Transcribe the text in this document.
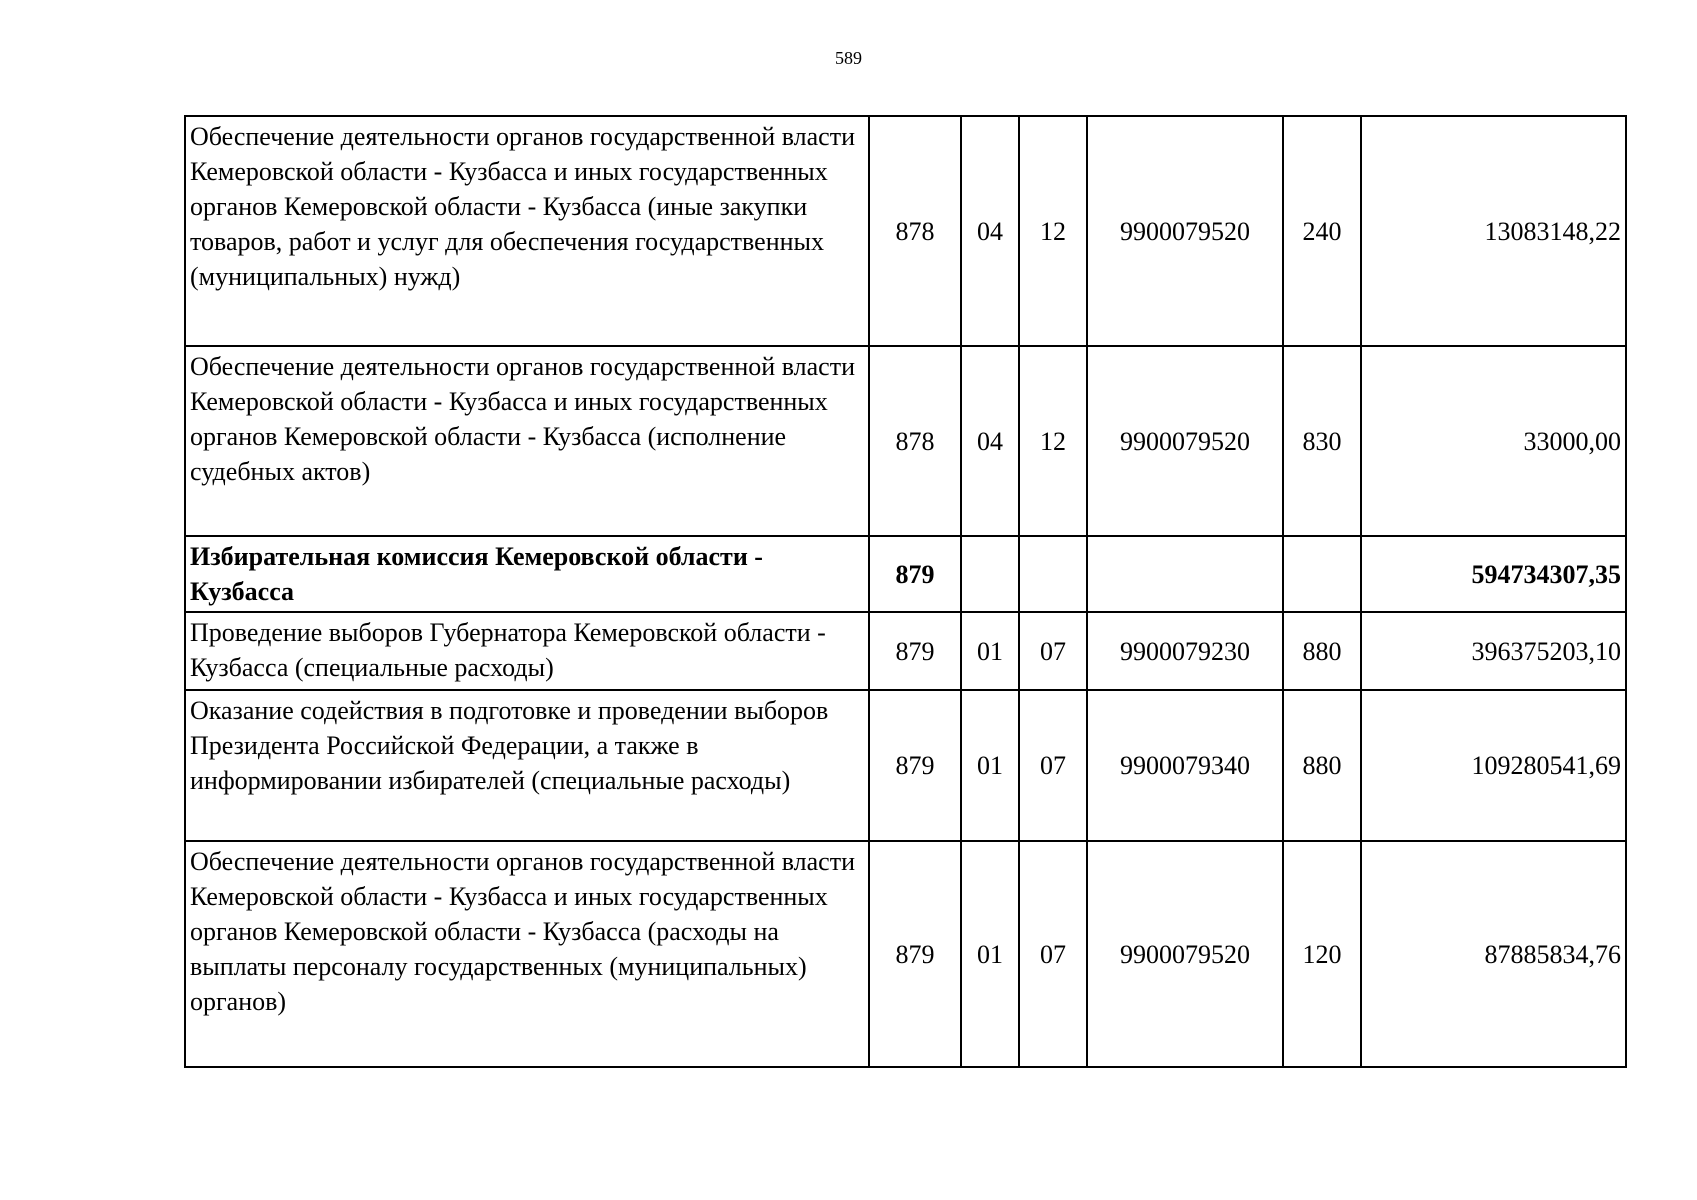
589
Обеспечение деятельности органов государственной власти Кемеровской области - Кузбасса и иных государственных органов Кемеровской области - Кузбасса (иные закупки товаров, работ и услуг для обеспечения государственных (муниципальных) нужд)	878	04	12	9900079520	240	13083148,22
Обеспечение деятельности органов государственной власти Кемеровской области - Кузбасса и иных государственных органов Кемеровской области - Кузбасса (исполнение судебных актов)	878	04	12	9900079520	830	33000,00
Избирательная комиссия Кемеровской области - Кузбасса	879					594734307,35
Проведение выборов Губернатора Кемеровской области - Кузбасса (специальные расходы)	879	01	07	9900079230	880	396375203,10
Оказание содействия в подготовке и проведении выборов Президента Российской Федерации, а также в информировании избирателей (специальные расходы)	879	01	07	9900079340	880	109280541,69
Обеспечение деятельности органов государственной власти Кемеровской области - Кузбасса и иных государственных органов Кемеровской области - Кузбасса (расходы на выплаты персоналу государственных (муниципальных) органов)	879	01	07	9900079520	120	87885834,76
